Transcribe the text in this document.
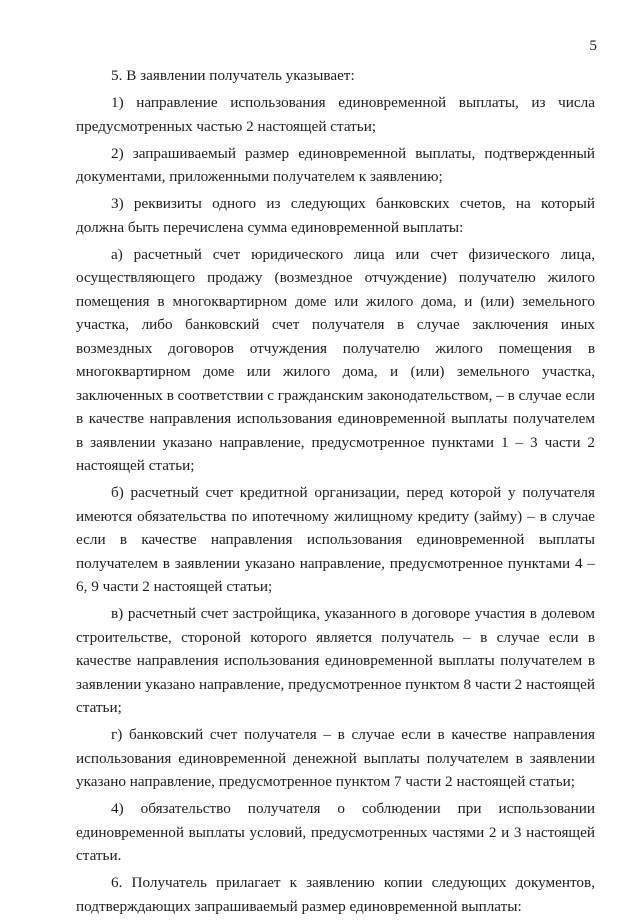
5

5. В заявлении получатель указывает:

1) направление использования единовременной выплаты, из числа предусмотренных частью 2 настоящей статьи;

2) запрашиваемый размер единовременной выплаты, подтвержденный документами, приложенными получателем к заявлению;

3) реквизиты одного из следующих банковских счетов, на который должна быть перечислена сумма единовременной выплаты:

а) расчетный счет юридического лица или счет физического лица, осуществляющего продажу (возмездное отчуждение) получателю жилого помещения в многоквартирном доме или жилого дома, и (или) земельного участка, либо банковский счет получателя в случае заключения иных возмездных договоров отчуждения получателю жилого помещения в многоквартирном доме или жилого дома, и (или) земельного участка, заключенных в соответствии с гражданским законодательством, – в случае если в качестве направления использования единовременной выплаты получателем в заявлении указано направление, предусмотренное пунктами 1 – 3 части 2 настоящей статьи;

б) расчетный счет кредитной организации, перед которой у получателя имеются обязательства по ипотечному жилищному кредиту (займу) – в случае если в качестве направления использования единовременной выплаты получателем в заявлении указано направление, предусмотренное пунктами 4 – 6, 9 части 2 настоящей статьи;

в) расчетный счет застройщика, указанного в договоре участия в долевом строительстве, стороной которого является получатель – в случае если в качестве направления использования единовременной выплаты получателем в заявлении указано направление, предусмотренное пунктом 8 части 2 настоящей статьи;

г) банковский счет получателя – в случае если в качестве направления использования единовременной денежной выплаты получателем в заявлении указано направление, предусмотренное пунктом 7 части 2 настоящей статьи;

4) обязательство получателя о соблюдении при использовании единовременной выплаты условий, предусмотренных частями 2 и 3 настоящей статьи.

6. Получатель прилагает к заявлению копии следующих документов, подтверждающих запрашиваемый размер единовременной выплаты:
